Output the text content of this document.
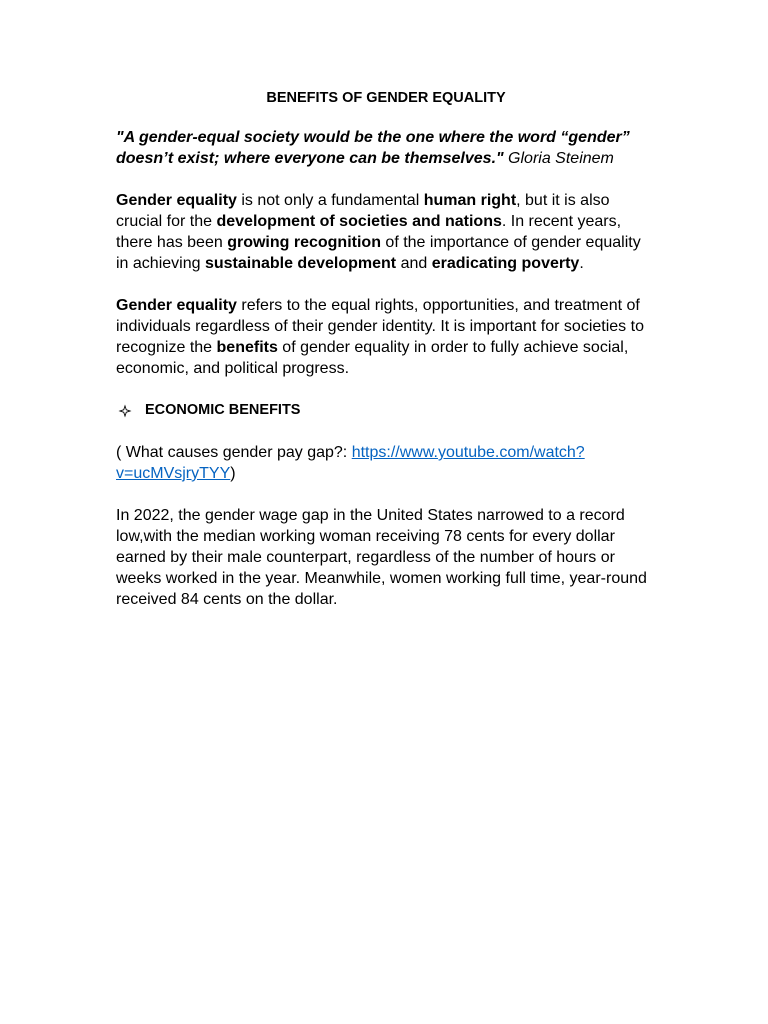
BENEFITS OF GENDER EQUALITY

"A gender-equal society would be the one where the word “gender” doesn’t exist; where everyone can be themselves." Gloria Steinem

Gender equality is not only a fundamental human right, but it is also crucial for the development of societies and nations. In recent years, there has been growing recognition of the importance of gender equality in achieving sustainable development and eradicating poverty.

Gender equality refers to the equal rights, opportunities, and treatment of individuals regardless of their gender identity. It is important for societies to recognize the benefits of gender equality in order to fully achieve social, economic, and political progress.

ECONOMIC BENEFITS

( What causes gender pay gap?: https://www.youtube.com/watch?v=ucMVsjryTYY)

In 2022, the gender wage gap in the United States narrowed to a record low,with the median working woman receiving 78 cents for every dollar earned by their male counterpart, regardless of the number of hours or weeks worked in the year. Meanwhile, women working full time, year-round received 84 cents on the dollar.
